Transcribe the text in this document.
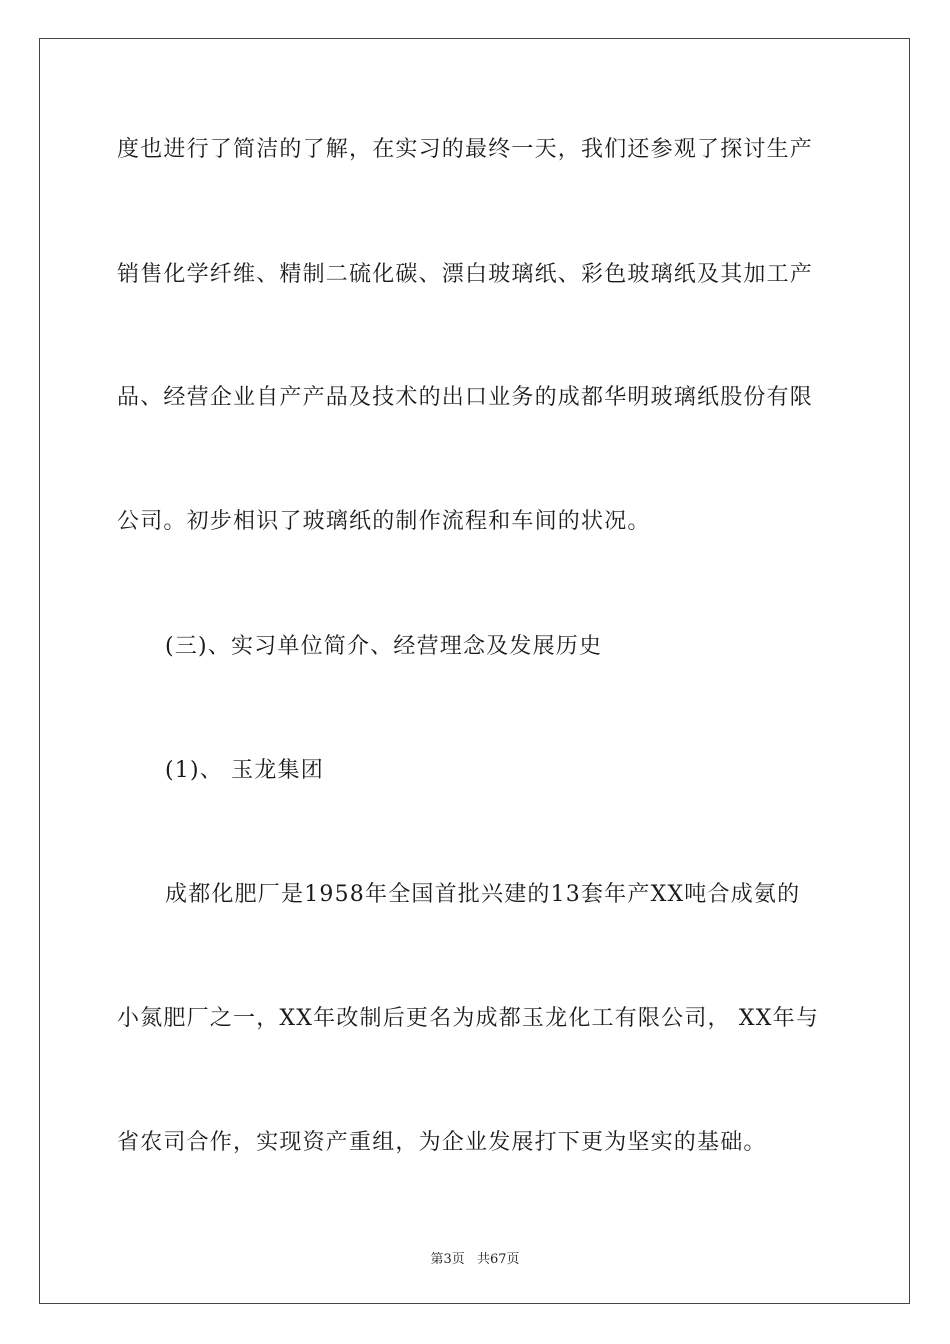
度也进行了简洁的了解，在实习的最终一天，我们还参观了探讨生产
销售化学纤维、精制二硫化碳、漂白玻璃纸、彩色玻璃纸及其加工产
品、经营企业自产产品及技术的出口业务的成都华明玻璃纸股份有限
公司。初步相识了玻璃纸的制作流程和车间的状况。
(三)、实习单位简介、经营理念及发展历史
(1)、 玉龙集团
成都化肥厂是1958年全国首批兴建的13套年产XX吨合成氨的
小氮肥厂之一，XX年改制后更名为成都玉龙化工有限公司， XX年与
省农司合作，实现资产重组，为企业发展打下更为坚实的基础。
第3页 共67页
